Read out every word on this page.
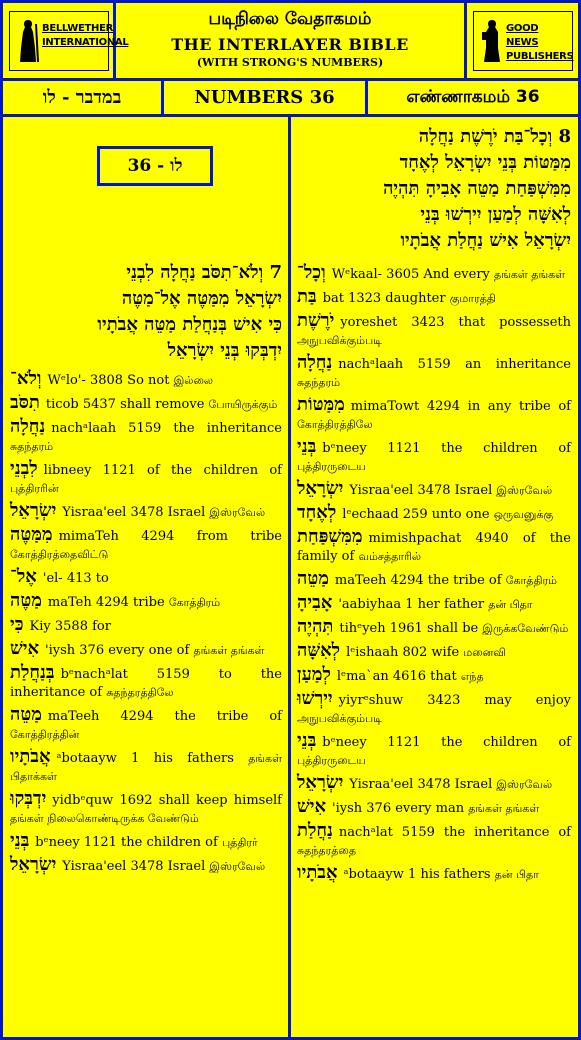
BELLWETHER
INTERNATIONAL
படிநிலை வேதாகமம்
THE INTERLAYER BIBLE
(WITH STRONG'S NUMBERS)
GOOD NEWS
PUBLISHERS
במדבר - לו	NUMBERS 36	எண்ணாகமம் 36
לו - 36
7 וְלֹא־תִסֹּב נַחֲלָה לִבְנֵי
יִשְׂרָאֵל מִמַּטֶּה אֶל־מַטֶּה
כִּי אִישׁ בְּנַחֲלַת מַטֵּה אֲבֹתָיו
יִדְבְּקוּ בְּנֵי יִשְׂרָאֵל
וְלֹא־ Wᵉlo'- 3808 So not இல்லை
תִסֹּב ticob 5437 shall remove போயிருக்கும்
נַחֲלָה nachᵃlaah 5159 the inheritance சுதந்தரம்
לִבְנֵי libneey 1121 of the children of புத்திரரின்
יִשְׂרָאֵל Yisraa'eel 3478 Israel இஸ்ரவேல்
מִמַּטֶּה mimaTeh 4294 from tribe கோத்திரத்தைவிட்டு
אֶל־ 'el- 413 to
מַטֶּה maTeh 4294 tribe கோத்திரம்
כִּי Kiy 3588 for
אִישׁ 'iysh 376 every one of தங்கள் தங்கள்
בְּנַחֲלַת bᵉnachᵃlat 5159 to the inheritance of சுதந்தரத்திலே
מַטֵּה maTeeh 4294 the tribe of கோத்திரத்தின்
אֲבֹתָיו ᵃbotaayw 1 his fathers தங்கள் பிதாக்கள்
יִדְבְּקוּ yidbᵉquw 1692 shall keep himself தங்கள் நிலைகொண்டிருக்க வேண்டும்
בְּנֵי bᵉneey 1121 the children of புத்திரர்
יִשְׂרָאֵל Yisraa'eel 3478 Israel இஸ்ரவேல்
8 וְכָל־בַּת יֹרֶשֶׁת נַחֲלָה
מִמַּטּוֹת בְּנֵי יִשְׂרָאֵל לְאֶחָד
מִמִּשְׁפַּחַת מַטֵּה אָבִיהָ תִּהְיֶה
לְאִשָּׁה לְמַעַן יִירְשׁוּ בְּנֵי
יִשְׂרָאֵל אִישׁ נַחֲלַת אֲבֹתָיו
וְכָל־ Wᵉkaal- 3605 And every தங்கள் தங்கள்
בַּת bat 1323 daughter குமாரத்தி
יֹרֶשֶׁת yoreshet 3423 that possesseth அநுபவிக்கும்படி
נַחֲלָה nachᵃlaah 5159 an inheritance சுதந்தரம்
מִמַּטּוֹת mimaTowt 4294 in any tribe of கோத்திரத்திலே
בְּנֵי bᵉneey 1121 the children of புத்திரருடைய
יִשְׂרָאֵל Yisraa'eel 3478 Israel இஸ்ரவேல்
לְאֶחָד lᵉechaad 259 unto one ஒருவனுக்கு
מִמִּשְׁפַּחַת mimishpachat 4940 of the family of வம்சத்தாரில்
מַטֵּה maTeeh 4294 the tribe of கோத்திரம்
אָבִיהָ 'aabiyhaa 1 her father தன் பிதா
תִּהְיֶה tihᵉyeh 1961 shall be இருக்கவேண்டும்
לְאִשָּׁה lᵉishaah 802 wife மனைவி
לְמַעַן lᵉma`an 4616 that எந்த
יִירְשׁוּ yiyrᵉshuw 3423 may enjoy அநுபவிக்கும்படி
בְּנֵי bᵉneey 1121 the children of புத்திரருடைய
יִשְׂרָאֵל Yisraa'eel 3478 Israel இஸ்ரவேல்
אִישׁ 'iysh 376 every man தங்கள் தங்கள்
נַחֲלַת nachᵃlat 5159 the inheritance of சுதந்தரத்தை
אֲבֹתָיו ᵃbotaayw 1 his fathers தன் பிதா
